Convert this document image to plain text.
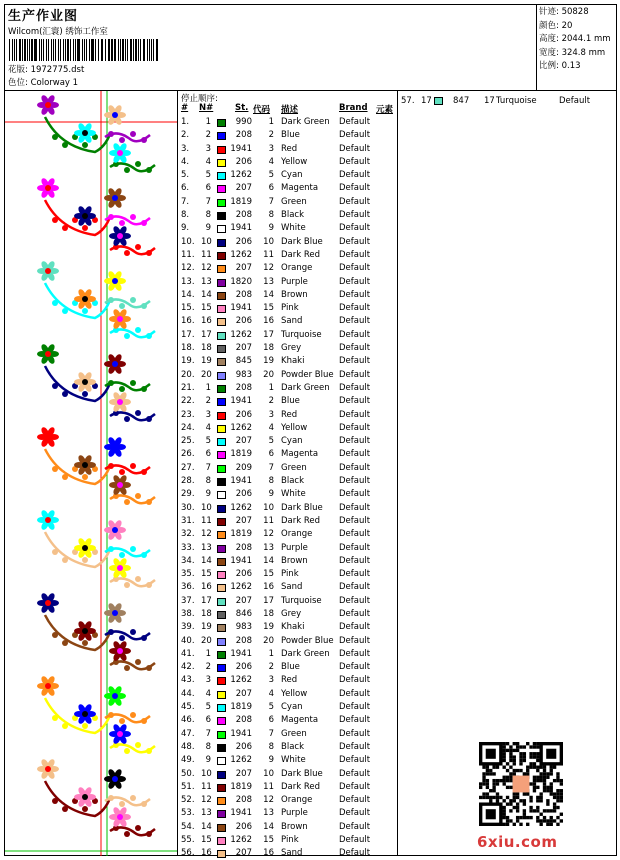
生产作业图
Wilcom(汇寰) 绣饰工作室
花版: 1972775.dst
色位: Colorway 1
针迹: 50828
颜色: 20
高度: 2044.1 mm
宽度: 324.8 mm
比例: 0.13
停止顺序:
# N#	St. 代码 描述	Brand 元素
1.	1	990	1 Dark Green Default
2.	2	208	2 Blue	Default
3.	3 1941	3 Red	Default
4.	4	206	4 Yellow	Default
5.	5 1262	5 Cyan	Default
6.	6	207	6 Magenta Default
7.	7 1819	7 Green	Default
8.	8	208	8 Black	Default
9.	9 1941	9 White	Default
10. 10	206	10 Dark Blue Default
11. 11 1262	11 Dark Red Default
12. 12	207	12 Orange	Default
13. 13 1820	13 Purple	Default
14. 14	208	14 Brown	Default
15. 15 1941	15 Pink	Default
16. 16	206	16 Sand	Default
17. 17 1262	17 Turquoise Default
18. 18	207	18 Grey	Default
19. 19	845	19 Khaki	Default
20. 20	983	20 Powder Blue Default
21.	1	208	1 Dark Green Default
22.	2 1941	2 Blue	Default
23.	3	206	3 Red	Default
24.	4 1262	4 Yellow	Default
25.	5	207	5 Cyan	Default
26.	6 1819	6 Magenta Default
27.	7	209	7 Green	Default
28.	8 1941	8 Black	Default
29.	9	206	9 White	Default
30. 10 1262	10 Dark Blue Default
31. 11	207	11 Dark Red Default
32. 12 1819	12 Orange	Default
33. 13	208	13 Purple	Default
34. 14 1941	14 Brown	Default
35. 15	206	15 Pink	Default
36. 16 1262	16 Sand	Default
37. 17	207	17 Turquoise Default
38. 18	846	18 Grey	Default
39. 19	983	19 Khaki	Default
40. 20	208	20 Powder Blue Default
41.	1 1941	1 Dark Green Default
42.	2	206	2 Blue	Default
43.	3 1262	3 Red	Default
44.	4	207	4 Yellow	Default
45.	5 1819	5 Cyan	Default
46.	6	208	6 Magenta Default
47.	7 1941	7 Green	Default
48.	8	206	8 Black	Default
49.	9 1262	9 White	Default
50. 10	207	10 Dark Blue Default
51. 11 1819	11 Dark Red Default
52. 12	208	12 Orange	Default
53. 13 1941	13 Purple	Default
54. 14	206	14 Brown	Default
55. 15 1262	15 Pink	Default
56. 16	207	16 Sand	Default
57. 17 847 17 Turquoise	Default
6xiu.com
